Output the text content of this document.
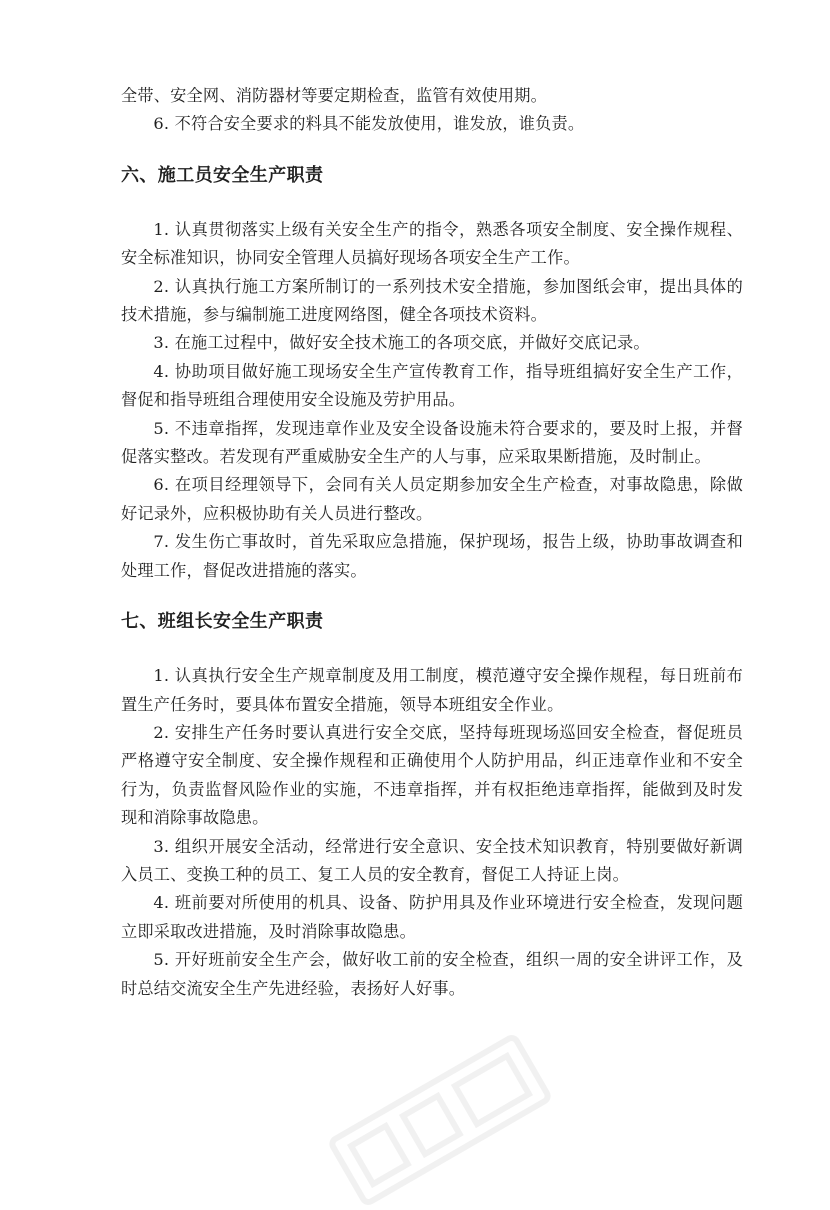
全带、安全网、消防器材等要定期检查，监管有效使用期。

6. 不符合安全要求的料具不能发放使用，谁发放，谁负责。

六、施工员安全生产职责

1. 认真贯彻落实上级有关安全生产的指令，熟悉各项安全制度、安全操作规程、安全标准知识，协同安全管理人员搞好现场各项安全生产工作。

2. 认真执行施工方案所制订的一系列技术安全措施，参加图纸会审，提出具体的技术措施，参与编制施工进度网络图，健全各项技术资料。

3. 在施工过程中，做好安全技术施工的各项交底，并做好交底记录。

4. 协助项目做好施工现场安全生产宣传教育工作，指导班组搞好安全生产工作，督促和指导班组合理使用安全设施及劳护用品。

5. 不违章指挥，发现违章作业及安全设备设施未符合要求的，要及时上报，并督促落实整改。若发现有严重威胁安全生产的人与事，应采取果断措施，及时制止。

6. 在项目经理领导下，会同有关人员定期参加安全生产检查，对事故隐患，除做好记录外，应积极协助有关人员进行整改。

7. 发生伤亡事故时，首先采取应急措施，保护现场，报告上级，协助事故调查和处理工作，督促改进措施的落实。

七、班组长安全生产职责

1. 认真执行安全生产规章制度及用工制度，模范遵守安全操作规程，每日班前布置生产任务时，要具体布置安全措施，领导本班组安全作业。

2. 安排生产任务时要认真进行安全交底，坚持每班现场巡回安全检查，督促班员严格遵守安全制度、安全操作规程和正确使用个人防护用品，纠正违章作业和不安全行为，负责监督风险作业的实施，不违章指挥，并有权拒绝违章指挥，能做到及时发现和消除事故隐患。

3. 组织开展安全活动，经常进行安全意识、安全技术知识教育，特别要做好新调入员工、变换工种的员工、复工人员的安全教育，督促工人持证上岗。

4. 班前要对所使用的机具、设备、防护用具及作业环境进行安全检查，发现问题立即采取改进措施，及时消除事故隐患。

5. 开好班前安全生产会，做好收工前的安全检查，组织一周的安全讲评工作，及时总结交流安全生产先进经验，表扬好人好事。
